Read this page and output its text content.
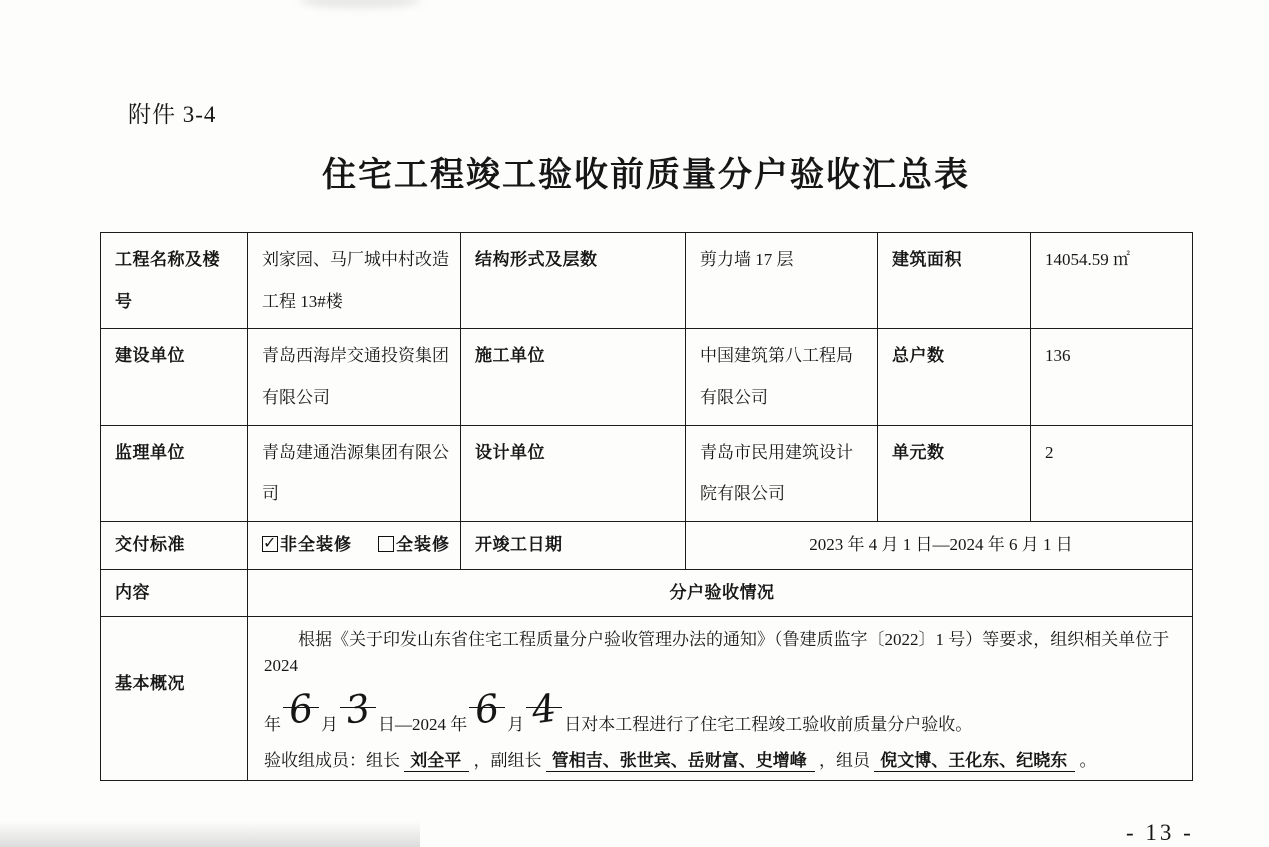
附件 3-4
住宅工程竣工验收前质量分户验收汇总表
工程名称及楼号	刘家园、马厂城中村改造工程 13#楼	结构形式及层数	剪力墙 17 层	建筑面积	14054.59 ㎡
建设单位	青岛西海岸交通投资集团有限公司	施工单位	中国建筑第八工程局有限公司	总户数	136
监理单位	青岛建通浩源集团有限公司	设计单位	青岛市民用建筑设计院有限公司	单元数	2
交付标准	✓ 非全装修 全装修	开竣工日期	2023 年 4 月 1 日—2024 年 6 月 1 日		
内容	分户验收情况				
基本概况	根据《关于印发山东省住宅工程质量分户验收管理办法的通知》（鲁建质监字〔2022〕1 号）等要求，组织相关单位于2024
年 6 月 3 日—2024 年 6 月 4 日对本工程进行了住宅工程竣工验收前质量分户验收。
验收组成员：组长 刘全平 ，副组长 管相吉、张世宾、岳财富、史增峰 ，组员 倪文博、王化东、纪晓东 。				
- 13 -
